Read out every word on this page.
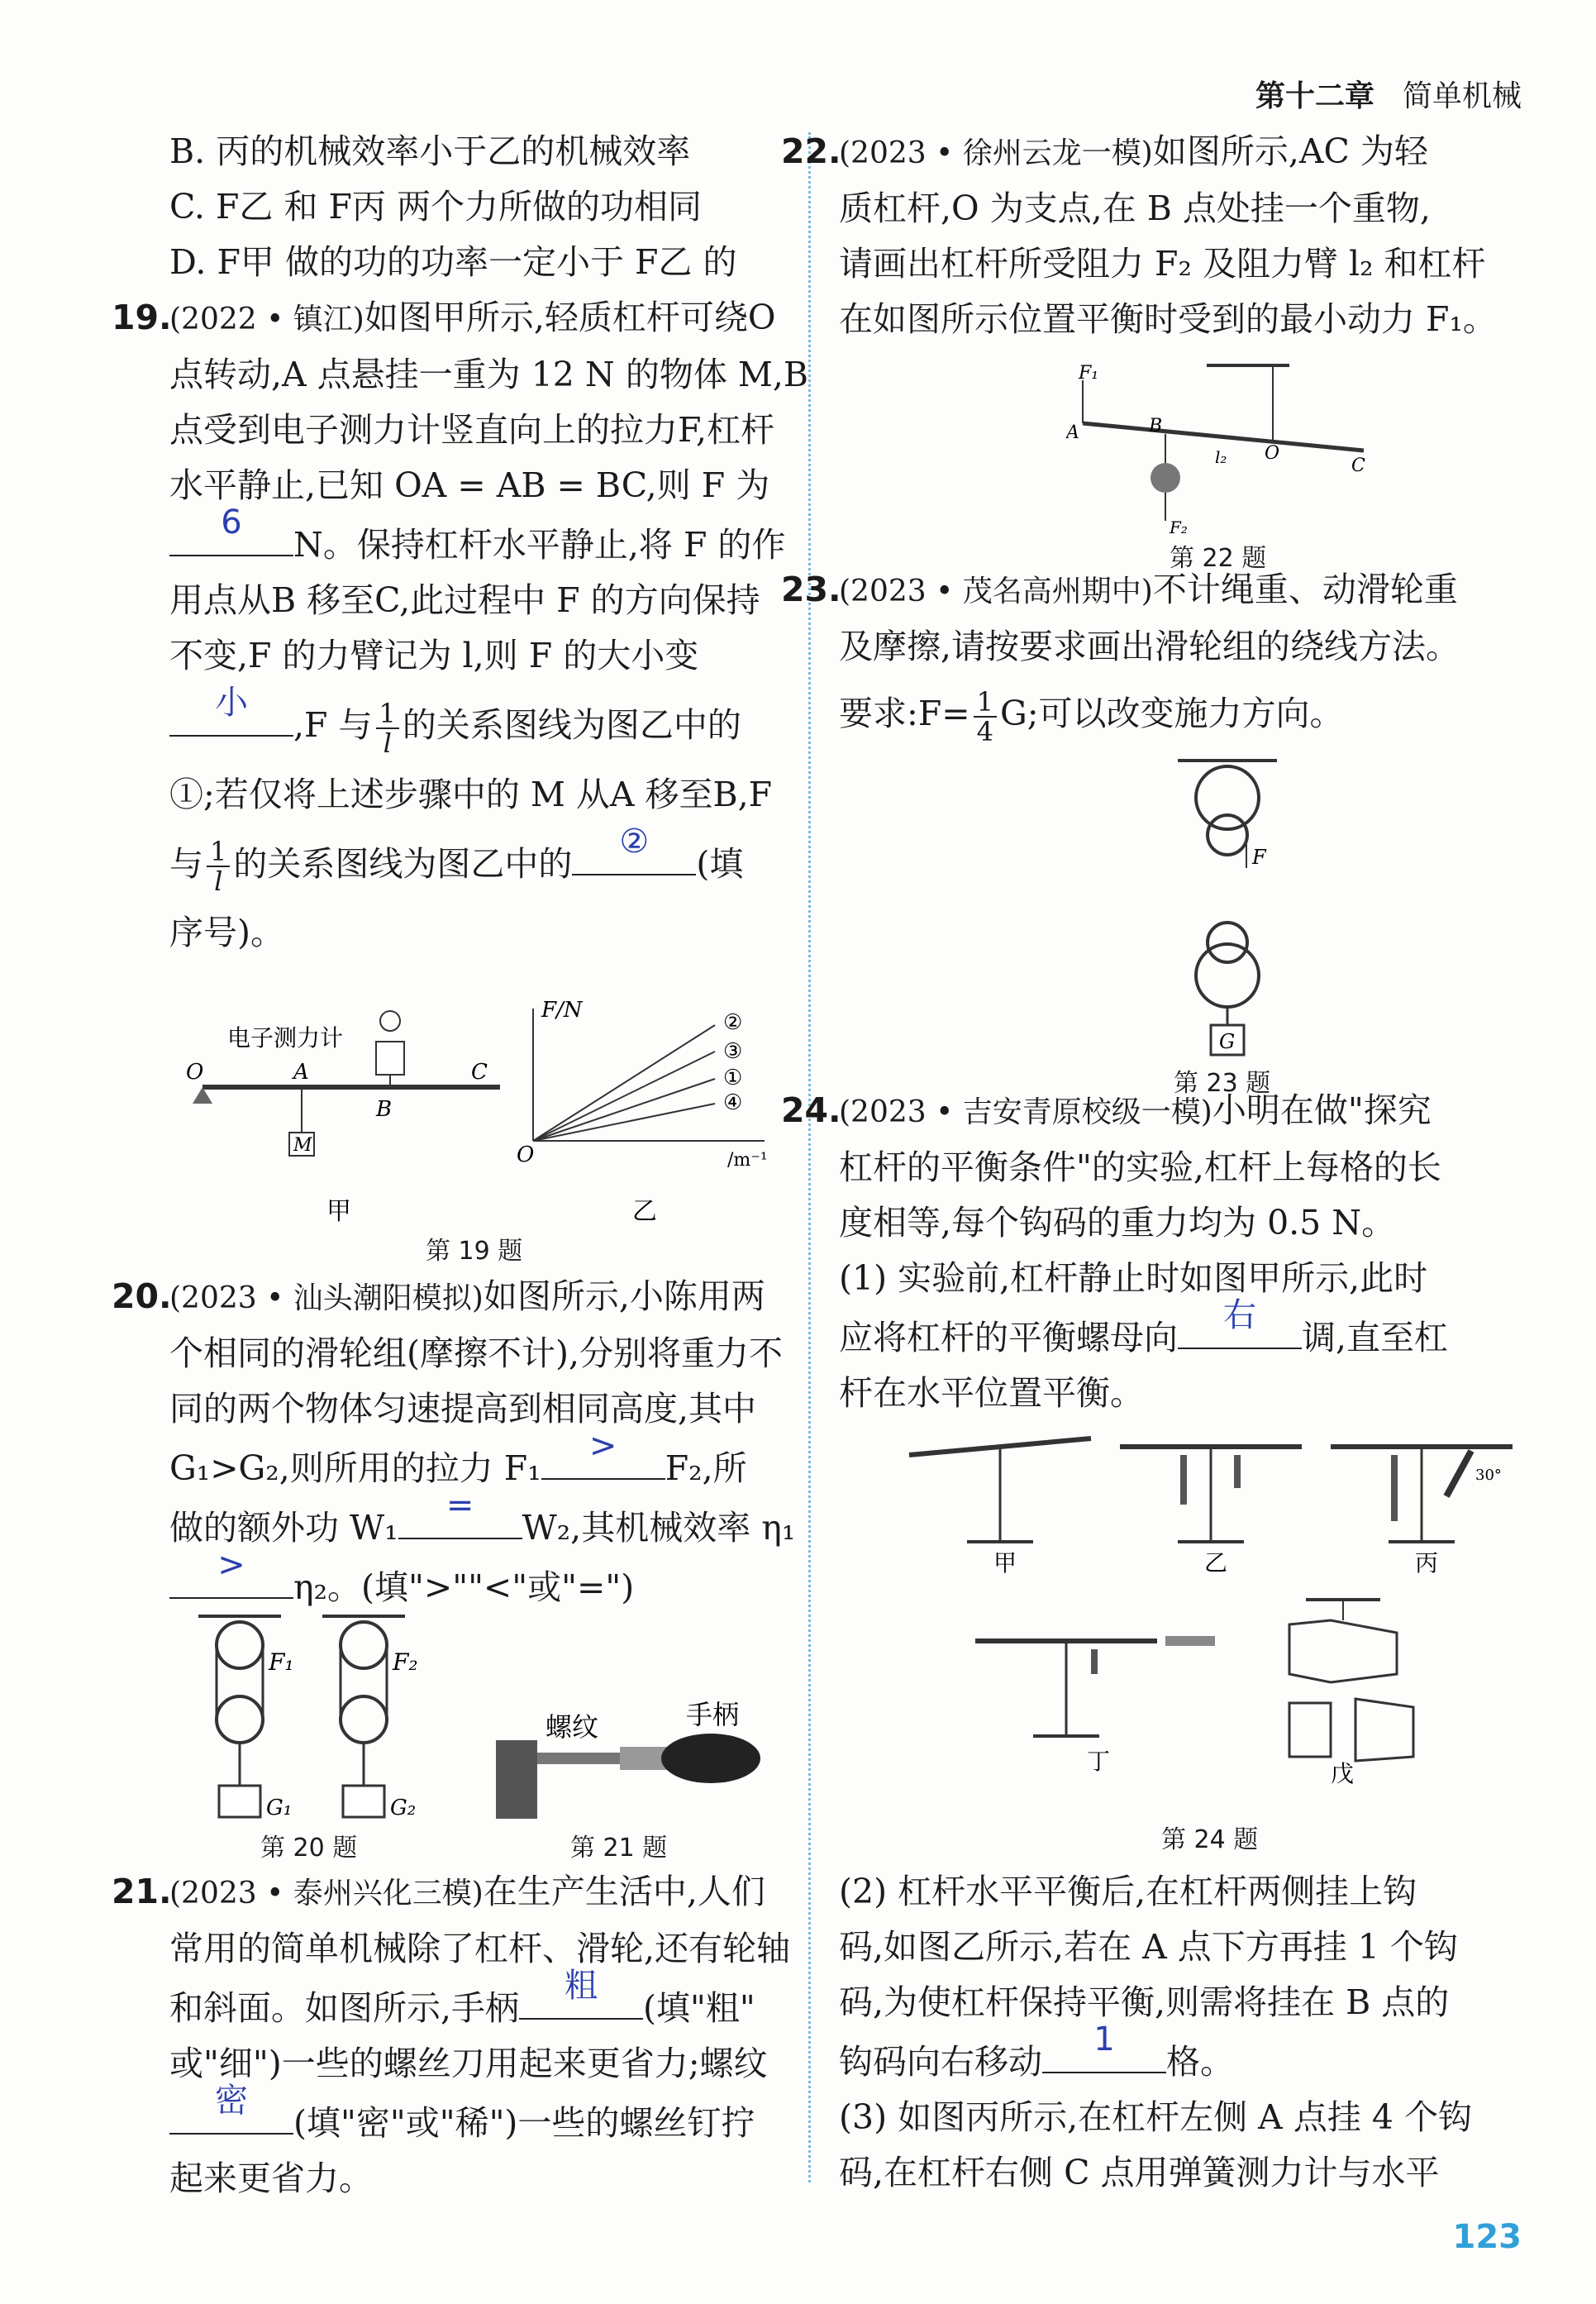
第十二章 简单机械
B. 丙的机械效率小于乙的机械效率
C. F乙 和 F丙 两个力所做的功相同
D. F甲 做的功的功率一定小于 F乙 的
19.(2022 • 镇江)如图甲所示,轻质杠杆可绕O
点转动,A 点悬挂一重为 12 N 的物体 M,B
点受到电子测力计竖直向上的拉力F,杠杆
水平静止,已知 OA = AB = BC,则 F 为
6
N。保持杠杆水平静止,将 F 的作
用点从B 移至C,此过程中 F 的方向保持
不变,F 的力臂记为 l,则 F 的大小变
小
,F 与 $\frac{1}{l}$ 的关系图线为图乙中的
①;若仅将上述步骤中的 M 从A 移至B,F
与 $\frac{1}{l}$ 的关系图线为图乙中的
②
(填
序号)。
O	A
B
C
M
电子测力计
甲
F/N
O	/m⁻¹
②
③
①
④
乙
第 19 题
20.(2023 • 汕头潮阳模拟)如图所示,小陈用两
个相同的滑轮组(摩擦不计),分别将重力不
同的两个物体匀速提高到相同高度,其中
G₁>G₂,则所用的拉力 F₁
>
F₂,所
做的额外功 W₁
=
W₂,其机械效率 η₁
>
η₂。(填">""<"或"=")
F₁
G₁
F₂
G₂
螺纹	手柄
第 20 题	第 21 题
21.(2023 • 泰州兴化三模)在生产生活中,人们
常用的简单机械除了杠杆、滑轮,还有轮轴
和斜面。如图所示,手柄
粗
(填"粗"
或"细")一些的螺丝刀用起来更省力;螺纹
密
(填"密"或"稀")一些的螺丝钉拧
起来更省力。
22.(2023 • 徐州云龙一模)如图所示,AC 为轻
质杠杆,O 为支点,在 B 点处挂一个重物,
请画出杠杆所受阻力 F₂ 及阻力臂 l₂ 和杠杆
在如图所示位置平衡时受到的最小动力 F₁。
F₁
A	B
O
C
l₂
F₂
第 22 题
23.(2023 • 茂名高州期中)不计绳重、动滑轮重
及摩擦,请按要求画出滑轮组的绕线方法。
要求:F= $\frac{1}{4} G$;可以改变施力方向。
F
G
第 23 题
24.(2023 • 吉安青原校级一模)小明在做"探究
杠杆的平衡条件"的实验,杠杆上每格的长
度相等,每个钩码的重力均为 0.5 N。
(1) 实验前,杠杆静止时如图甲所示,此时
应将杠杆的平衡螺母向
右
调,直至杠
杆在水平位置平衡。
甲	乙
30°
丙
丁	戊
第 24 题
(2) 杠杆水平平衡后,在杠杆两侧挂上钩
码,如图乙所示,若在 A 点下方再挂 1 个钩
码,为使杠杆保持平衡,则需将挂在 B 点的
钩码向右移动
1
格。
(3) 如图丙所示,在杠杆左侧 A 点挂 4 个钩
码,在杠杆右侧 C 点用弹簧测力计与水平
123
